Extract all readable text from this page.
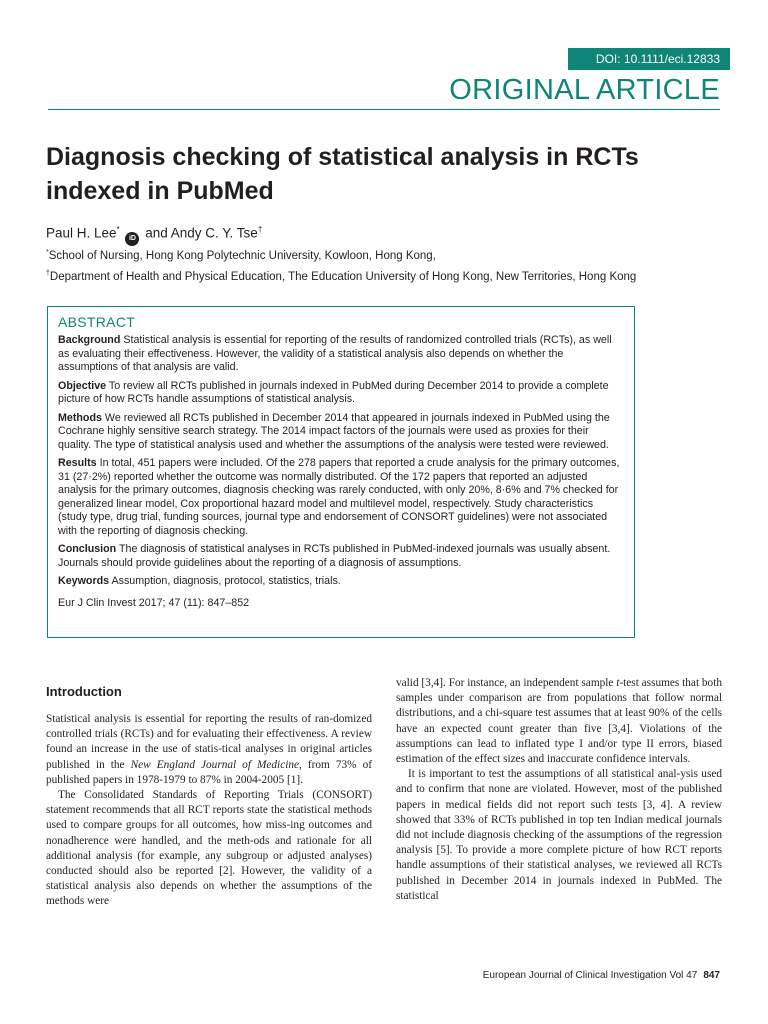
DOI: 10.1111/eci.12833
ORIGINAL ARTICLE
Diagnosis checking of statistical analysis in RCTs indexed in PubMed

Paul H. Lee* iD and Andy C. Y. Tse†

*School of Nursing, Hong Kong Polytechnic University, Kowloon, Hong Kong,
†Department of Health and Physical Education, The Education University of Hong Kong, New Territories, Hong Kong
ABSTRACT

Background Statistical analysis is essential for reporting of the results of randomized controlled trials (RCTs), as well as evaluating their effectiveness. However, the validity of a statistical analysis also depends on whether the assumptions of that analysis are valid.

Objective To review all RCTs published in journals indexed in PubMed during December 2014 to provide a complete picture of how RCTs handle assumptions of statistical analysis.

Methods We reviewed all RCTs published in December 2014 that appeared in journals indexed in PubMed using the Cochrane highly sensitive search strategy. The 2014 impact factors of the journals were used as proxies for their quality. The type of statistical analysis used and whether the assumptions of the analysis were tested were reviewed.

Results In total, 451 papers were included. Of the 278 papers that reported a crude analysis for the primary outcomes, 31 (27·2%) reported whether the outcome was normally distributed. Of the 172 papers that reported an adjusted analysis for the primary outcomes, diagnosis checking was rarely conducted, with only 20%, 8·6% and 7% checked for generalized linear model, Cox proportional hazard model and multilevel model, respectively. Study characteristics (study type, drug trial, funding sources, journal type and endorsement of CONSORT guidelines) were not associated with the reporting of diagnosis checking.

Conclusion The diagnosis of statistical analyses in RCTs published in PubMed-indexed journals was usually absent. Journals should provide guidelines about the reporting of a diagnosis of assumptions.

Keywords Assumption, diagnosis, protocol, statistics, trials.

Eur J Clin Invest 2017; 47 (11): 847–852

Introduction

Statistical analysis is essential for reporting the results of ran-domized controlled trials (RCTs) and for evaluating their effectiveness. A review found an increase in the use of statis-tical analyses in original articles published in the New England Journal of Medicine, from 73% of published papers in 1978-1979 to 87% in 2004-2005 [1].

The Consolidated Standards of Reporting Trials (CONSORT) statement recommends that all RCT reports state the statistical methods used to compare groups for all outcomes, how miss-ing outcomes and nonadherence were handled, and the meth-ods and rationale for all additional analysis (for example, any subgroup or adjusted analyses) conducted should also be reported [2]. However, the validity of a statistical analysis also depends on whether the assumptions of the methods were

valid [3,4]. For instance, an independent sample t-test assumes that both samples under comparison are from populations that follow normal distributions, and a chi-square test assumes that at least 90% of the cells have an expected count greater than five [3,4]. Violations of the assumptions can lead to inflated type I and/or type II errors, biased estimation of the effect sizes and inaccurate confidence intervals.

It is important to test the assumptions of all statistical anal-ysis used and to confirm that none are violated. However, most of the published papers in medical fields did not report such tests [3, 4]. A review showed that 33% of RCTs published in top ten Indian medical journals did not include diagnosis checking of the assumptions of the regression analysis [5]. To provide a more complete picture of how RCT reports handle assumptions of their statistical analyses, we reviewed all RCTs published in December 2014 in journals indexed in PubMed. The statistical

European Journal of Clinical Investigation Vol 47 847
